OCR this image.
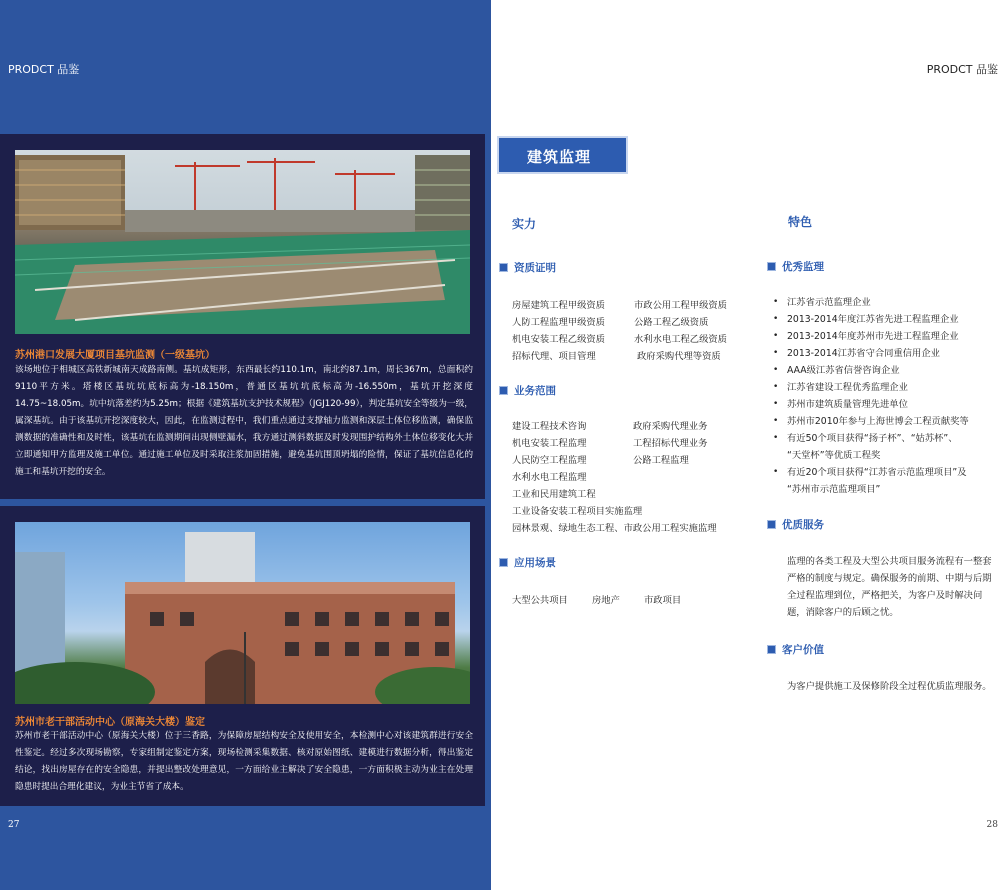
PRODCT 品鉴
苏州港口发展大厦项目基坑监测（一级基坑）
该场地位于相城区高铁新城南天成路南侧。基坑成矩形，东西最长约110.1m，南北约87.1m，周长367m，总面积约9110平方米。塔楼区基坑坑底标高为-18.150m，普通区基坑坑底标高为-16.550m，基坑开挖深度14.75~18.05m。坑中坑落差约为5.25m；根据《建筑基坑支护技术规程》（JGJ120-99），判定基坑安全等级为一级，属深基坑。由于该基坑开挖深度较大，因此，在监测过程中，我们重点通过支撑轴力监测和深层土体位移监测，确保监测数据的准确性和及时性，该基坑在监测期间出现侧壁漏水，我方通过测斜数据及时发现围护结构外土体位移变化大并立即通知甲方监理及施工单位。通过施工单位及时采取注浆加固措施，避免基坑围顶坍塌的险情，保证了基坑信息化的施工和基坑开挖的安全。
苏州市老干部活动中心（原海关大楼）鉴定
苏州市老干部活动中心（原海关大楼）位于三香路，为保障房屋结构安全及使用安全，本检测中心对该建筑群进行安全性鉴定。经过多次现场勘察，专家组制定鉴定方案，现场检测采集数据、核对原始图纸、建模进行数据分析，得出鉴定结论，找出房屋存在的安全隐患，并提出整改处理意见，一方面给业主解决了安全隐患，一方面积极主动为业主在处理隐患时提出合理化建议，为业主节省了成本。
27
PRODCT 品鉴
建筑监理
实力	特色
资质证明
房屋建筑工程甲级资质	市政公用工程甲级资质
人防工程监理甲级资质	公路工程乙级资质
机电安装工程乙级资质	水利水电工程乙级资质
招标代理、项目管理	政府采购代理等资质
业务范围
建设工程技术咨询	政府采购代理业务
机电安装工程监理	工程招标代理业务
人民防空工程监理	公路工程监理
水利水电工程监理
工业和民用建筑工程
工业设备安装工程项目实施监理
园林景观、绿地生态工程、市政公用工程实施监理
应用场景
大型公共项目	房地产	市政项目
优秀监理
• 江苏省示范监理企业
• 2013-2014年度江苏省先进工程监理企业
• 2013-2014年度苏州市先进工程监理企业
• 2013-2014江苏省守合同重信用企业
• AAA级江苏省信誉咨询企业
• 江苏省建设工程优秀监理企业
• 苏州市建筑质量管理先进单位
• 苏州市2010年参与上海世博会工程贡献奖等
• 有近50个项目获得“扬子杯”、“姑苏杯”、
“天堂杯”等优质工程奖
• 有近20个项目获得“江苏省示范监理项目”及
“苏州市示范监理项目”
优质服务
监理的各类工程及大型公共项目服务流程有一整套严格的制度与规定。确保服务的前期、中期与后期全过程监理到位，严格把关，为客户及时解决问题，消除客户的后顾之忧。
客户价值
为客户提供施工及保修阶段全过程优质监理服务。
28
